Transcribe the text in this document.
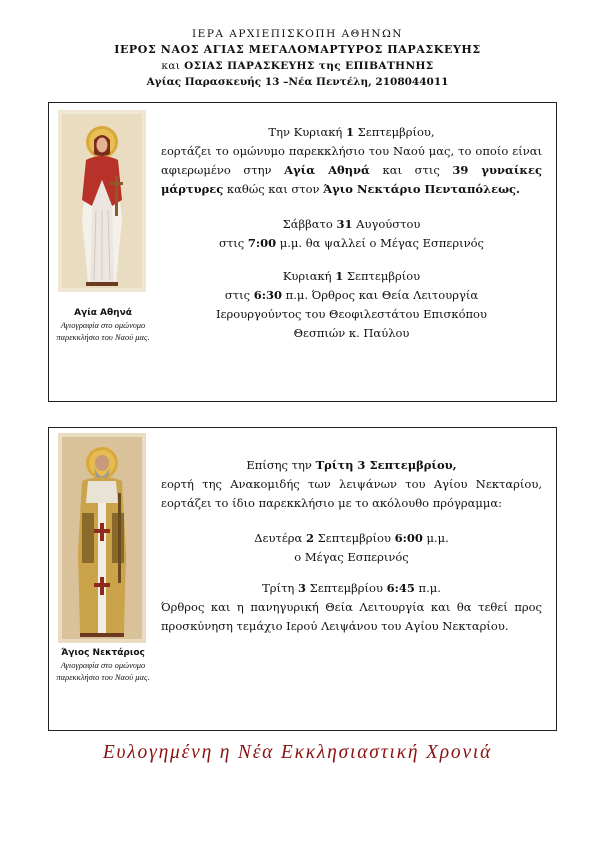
ΙΕΡΑ ΑΡΧΙΕΠΙΣΚΟΠΗ ΑΘΗΝΩΝ
ΙΕΡΟΣ ΝΑΟΣ ΑΓΙΑΣ ΜΕΓΑΛΟΜΑΡΤΥΡΟΣ ΠΑΡΑΣΚΕΥΗΣ
και ΟΣΙΑΣ ΠΑΡΑΣΚΕΥΗΣ της ΕΠΙΒΑΤΗΝΗΣ
Αγίας Παρασκευής 13 –Νέα Πεντέλη, 2108044011
Αγία Αθηνά
Αγιογραφία στο ομώνυμο παρεκκλήσιο του Ναού μας.

Την Κυριακή 1 Σεπτεμβρίου,

εορτάζει το ομώνυμο παρεκκλήσιο του Ναού μας, το οποίο είναι αφιερωμένο στην Αγία Αθηνά και στις 39 γυναίκες μάρτυρες καθώς και στον Άγιο Νεκτάριο Πενταπόλεως.

Σάββατο 31 Αυγούστου
στις 7:00 μ.μ. θα ψαλλεί ο Μέγας Εσπερινός

Κυριακή 1 Σεπτεμβρίου
στις 6:30 π.μ. Όρθρος και Θεία Λειτουργία
Ιερουργούντος του Θεοφιλεστάτου Επισκόπου
Θεσπιών κ. Παύλου

Άγιος Νεκτάριος
Αγιογραφία στο ομώνυμο παρεκκλήσιο του Ναού μας.

Επίσης την Τρίτη 3 Σεπτεμβρίου,

εορτή της Ανακομιδής των λειψάνων του Αγίου Νεκταρίου, εορτάζει το ίδιο παρεκκλήσιο με το ακόλουθο πρόγραμμα:

Δευτέρα 2 Σεπτεμβρίου 6:00 μ.μ.
ο Μέγας Εσπερινός

Τρίτη 3 Σεπτεμβρίου 6:45 π.μ.

Όρθρος και η πανηγυρική Θεία Λειτουργία και θα τεθεί προς προσκύνηση τεμάχιο Ιερού Λειψάνου του Αγίου Νεκταρίου.

Ευλογημένη η Νέα Εκκλησιαστική Χρονιά
